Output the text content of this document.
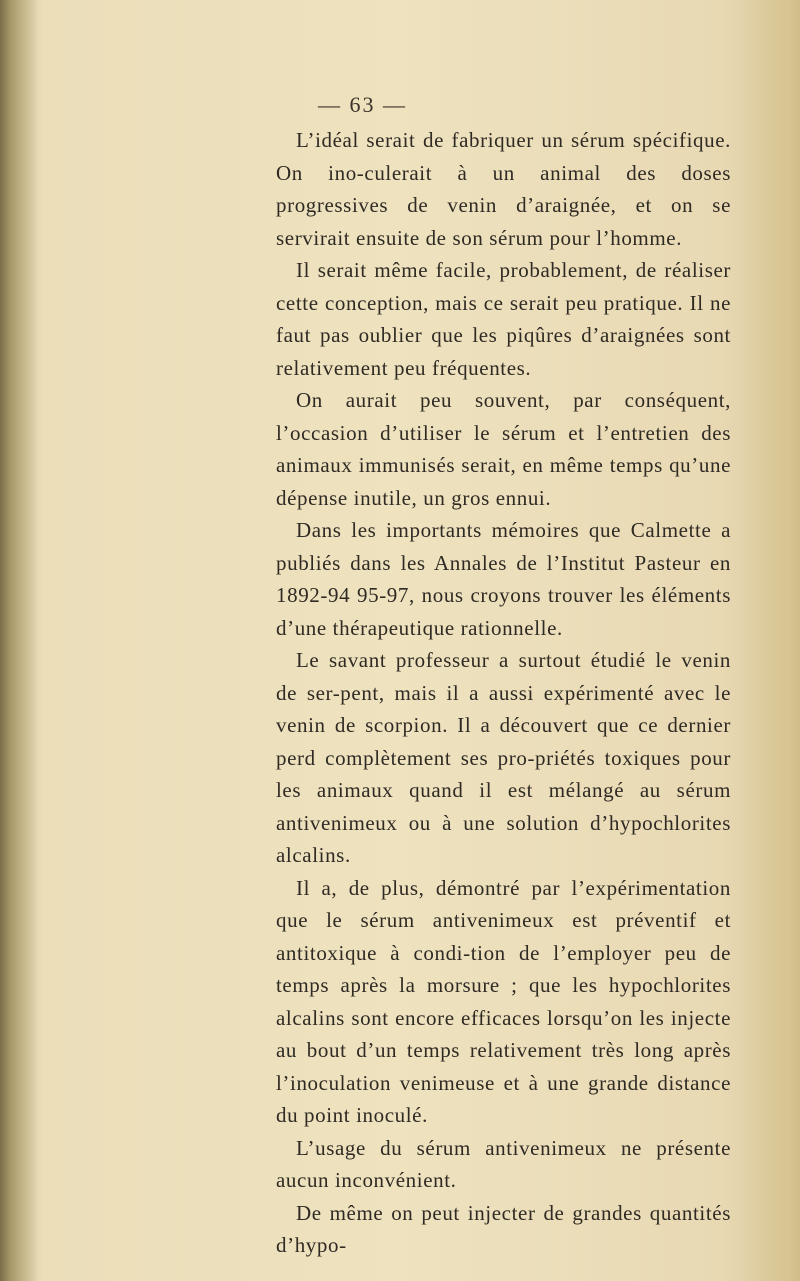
— 63 —

L’idéal serait de fabriquer un sérum spécifique. On ino-culerait à un animal des doses progressives de venin d’araignée, et on se servirait ensuite de son sérum pour l’homme.

Il serait même facile, probablement, de réaliser cette conception, mais ce serait peu pratique. Il ne faut pas oublier que les piqûres d’araignées sont relativement peu fréquentes.

On aurait peu souvent, par conséquent, l’occasion d’utiliser le sérum et l’entretien des animaux immunisés serait, en même temps qu’une dépense inutile, un gros ennui.

Dans les importants mémoires que Calmette a publiés dans les Annales de l’Institut Pasteur en 1892-94 95-97, nous croyons trouver les éléments d’une thérapeutique rationnelle.

Le savant professeur a surtout étudié le venin de ser-pent, mais il a aussi expérimenté avec le venin de scorpion. Il a découvert que ce dernier perd complètement ses pro-priétés toxiques pour les animaux quand il est mélangé au sérum antivenimeux ou à une solution d’hypochlorites alcalins.

Il a, de plus, démontré par l’expérimentation que le sérum antivenimeux est préventif et antitoxique à condi-tion de l’employer peu de temps après la morsure ; que les hypochlorites alcalins sont encore efficaces lorsqu’on les injecte au bout d’un temps relativement très long après l’inoculation venimeuse et à une grande distance du point inoculé.

L’usage du sérum antivenimeux ne présente aucun inconvénient.

De même on peut injecter de grandes quantités d’hypo-
